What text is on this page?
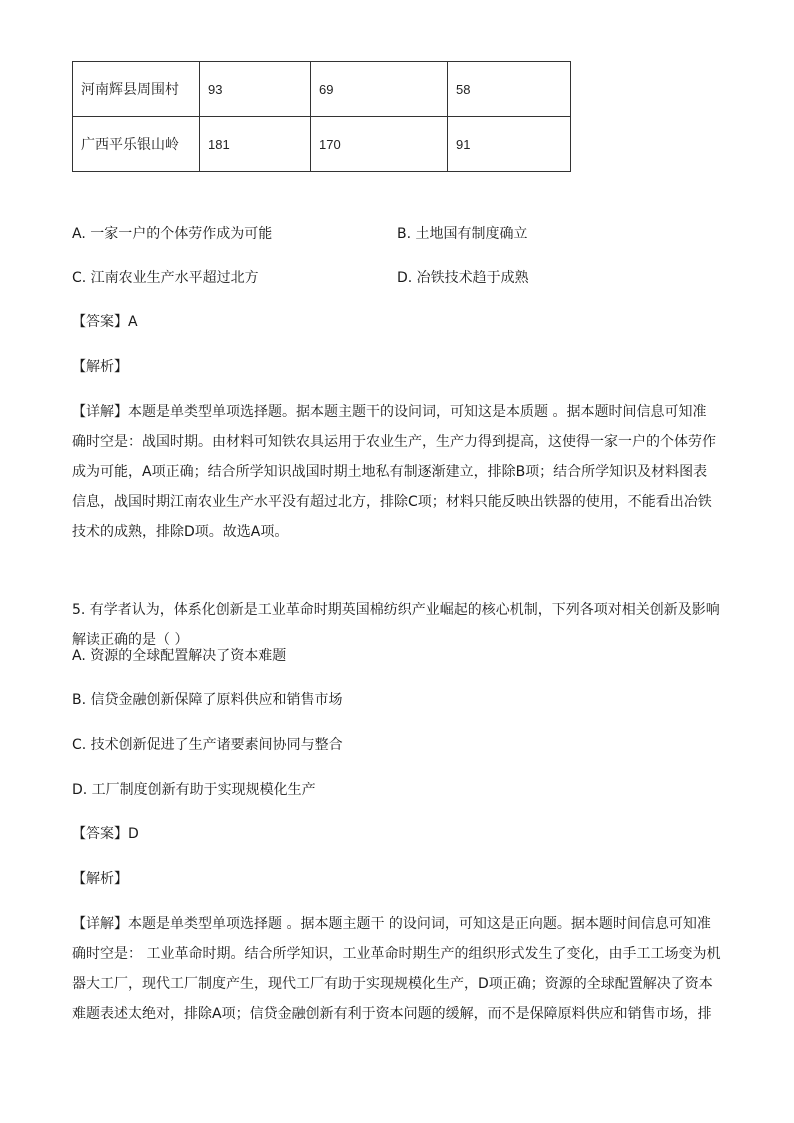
河南辉县周围村	93	69	58
广西平乐银山岭	181	170	91
A. 一家一户的个体劳作成为可能	B. 土地国有制度确立
C. 江南农业生产水平超过北方	D. 冶铁技术趋于成熟
【答案】A
【解析】
【详解】本题是单类型单项选择题。据本题主题干的设问词，可知这是本质题 。据本题时间信息可知准
确时空是：战国时期。由材料可知铁农具运用于农业生产，生产力得到提高，这使得一家一户的个体劳作
成为可能，A项正确；结合所学知识战国时期土地私有制逐渐建立，排除B项；结合所学知识及材料图表
信息，战国时期江南农业生产水平没有超过北方，排除C项；材料只能反映出铁器的使用，不能看出冶铁
技术的成熟，排除D项。故选A项。
5. 有学者认为，体系化创新是工业革命时期英国棉纺织产业崛起的核心机制，下列各项对相关创新及影响
解读正确的是（ ）
A. 资源的全球配置解决了资本难题
B. 信贷金融创新保障了原料供应和销售市场
C. 技术创新促进了生产诸要素间协同与整合
D. 工厂制度创新有助于实现规模化生产
【答案】D
【解析】
【详解】本题是单类型单项选择题 。据本题主题干 的设问词，可知这是正向题。据本题时间信息可知准
确时空是： 工业革命时期。结合所学知识，工业革命时期生产的组织形式发生了变化，由手工工场变为机
器大工厂，现代工厂制度产生，现代工厂有助于实现规模化生产，D项正确；资源的全球配置解决了资本
难题表述太绝对，排除A项；信贷金融创新有利于资本问题的缓解，而不是保障原料供应和销售市场，排
